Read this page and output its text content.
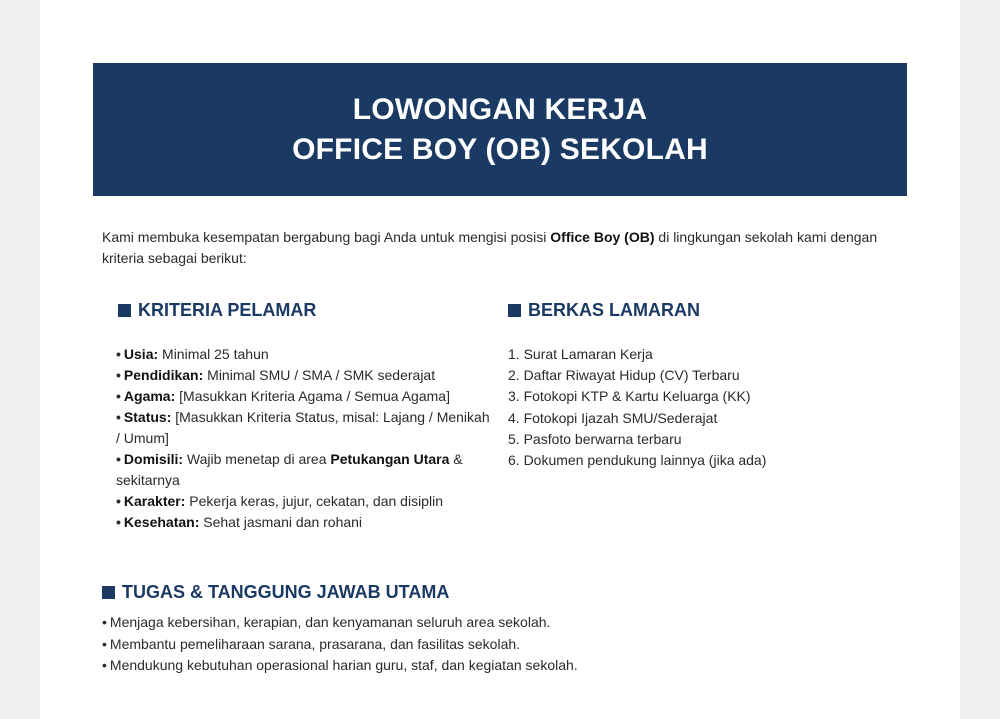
LOWONGAN KERJA
OFFICE BOY (OB) SEKOLAH

Kami membuka kesempatan bergabung bagi Anda untuk mengisi posisi Office Boy (OB) di lingkungan sekolah kami dengan kriteria sebagai berikut:

KRITERIA PELAMAR
• Usia: Minimal 25 tahun
• Pendidikan: Minimal SMU / SMA / SMK sederajat
• Agama: [Masukkan Kriteria Agama / Semua Agama]
• Status: [Masukkan Kriteria Status, misal: Lajang / Menikah / Umum]
• Domisili: Wajib menetap di area Petukangan Utara & sekitarnya
• Karakter: Pekerja keras, jujur, cekatan, dan disiplin
• Kesehatan: Sehat jasmani dan rohani
BERKAS LAMARAN
1. Surat Lamaran Kerja
2. Daftar Riwayat Hidup (CV) Terbaru
3. Fotokopi KTP & Kartu Keluarga (KK)
4. Fotokopi Ijazah SMU/Sederajat
5. Pasfoto berwarna terbaru
6. Dokumen pendukung lainnya (jika ada)
TUGAS & TANGGUNG JAWAB UTAMA
• Menjaga kebersihan, kerapian, dan kenyamanan seluruh area sekolah.
• Membantu pemeliharaan sarana, prasarana, dan fasilitas sekolah.
• Mendukung kebutuhan operasional harian guru, staf, dan kegiatan sekolah.
